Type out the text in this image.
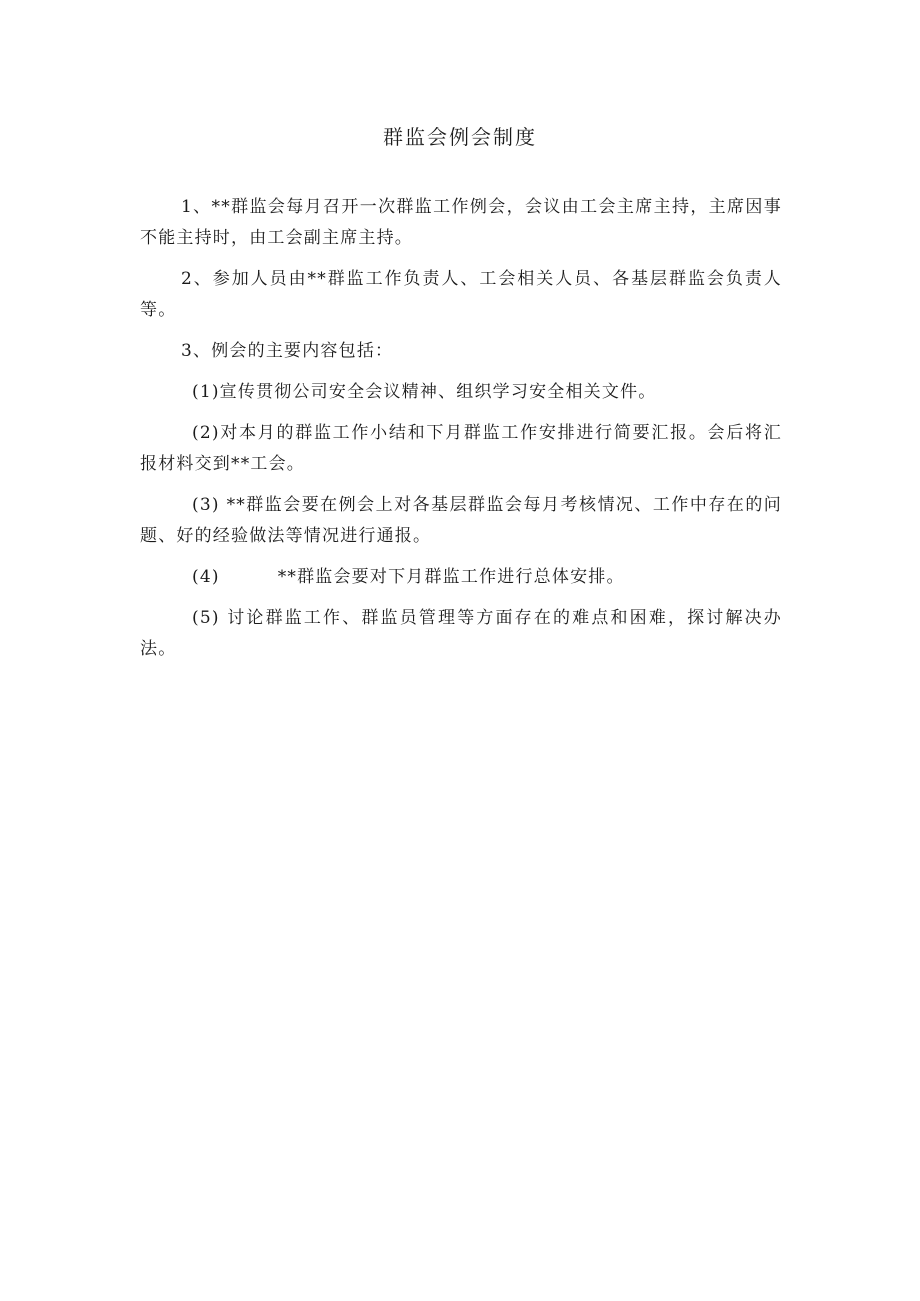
群监会例会制度

1、**群监会每月召开一次群监工作例会，会议由工会主席主持，主席因事不能主持时，由工会副主席主持。

2、参加人员由**群监工作负责人、工会相关人员、各基层群监会负责人等。

3、例会的主要内容包括：

(1)宣传贯彻公司安全会议精神、组织学习安全相关文件。

(2)对本月的群监工作小结和下月群监工作安排进行简要汇报。会后将汇报材料交到**工会。

(3) **群监会要在例会上对各基层群监会每月考核情况、工作中存在的问题、好的经验做法等情况进行通报。

(4)	**群监会要对下月群监工作进行总体安排。

(5) 讨论群监工作、群监员管理等方面存在的难点和困难，探讨解决办法。
